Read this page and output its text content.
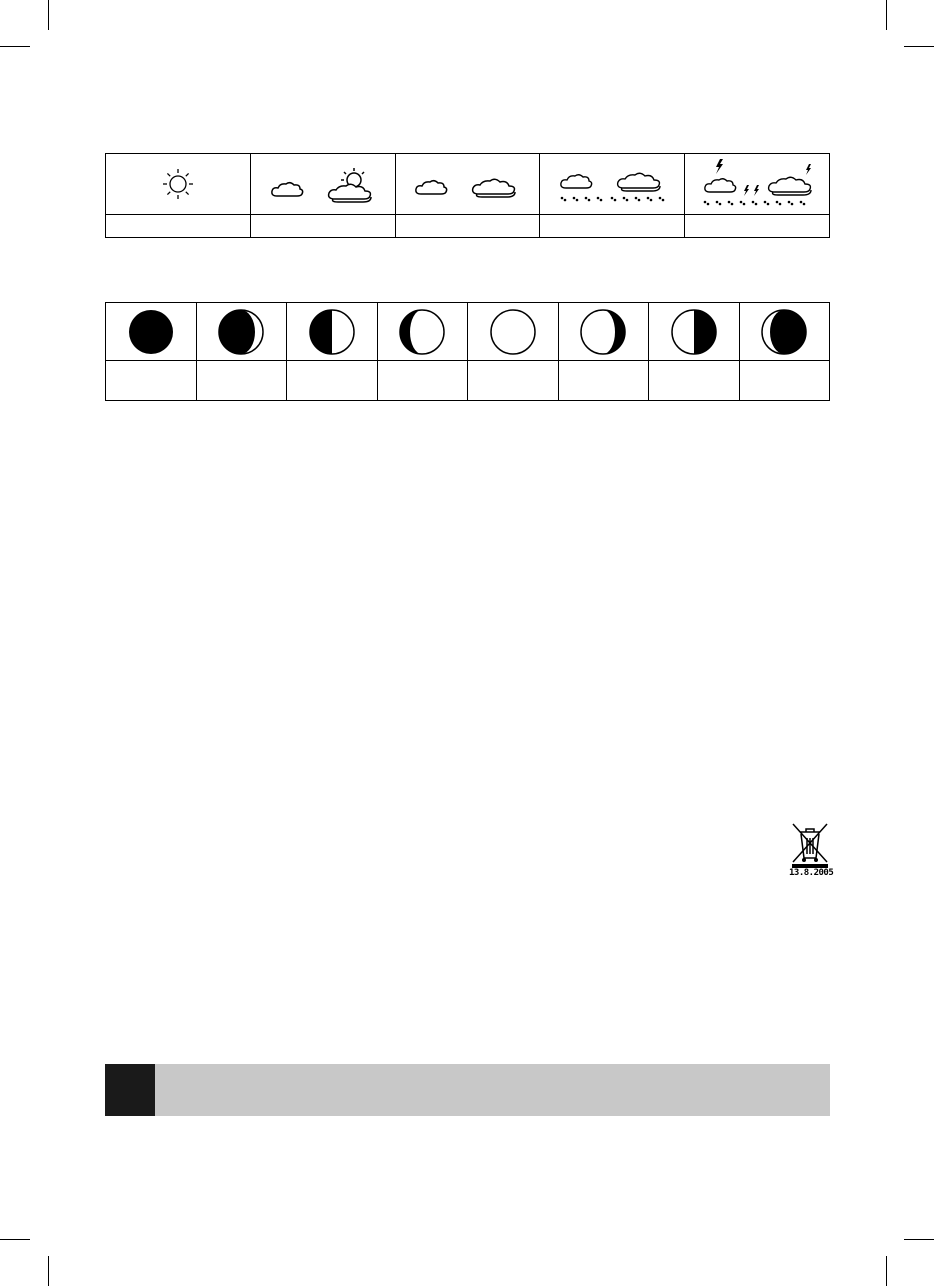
13.8.2005
